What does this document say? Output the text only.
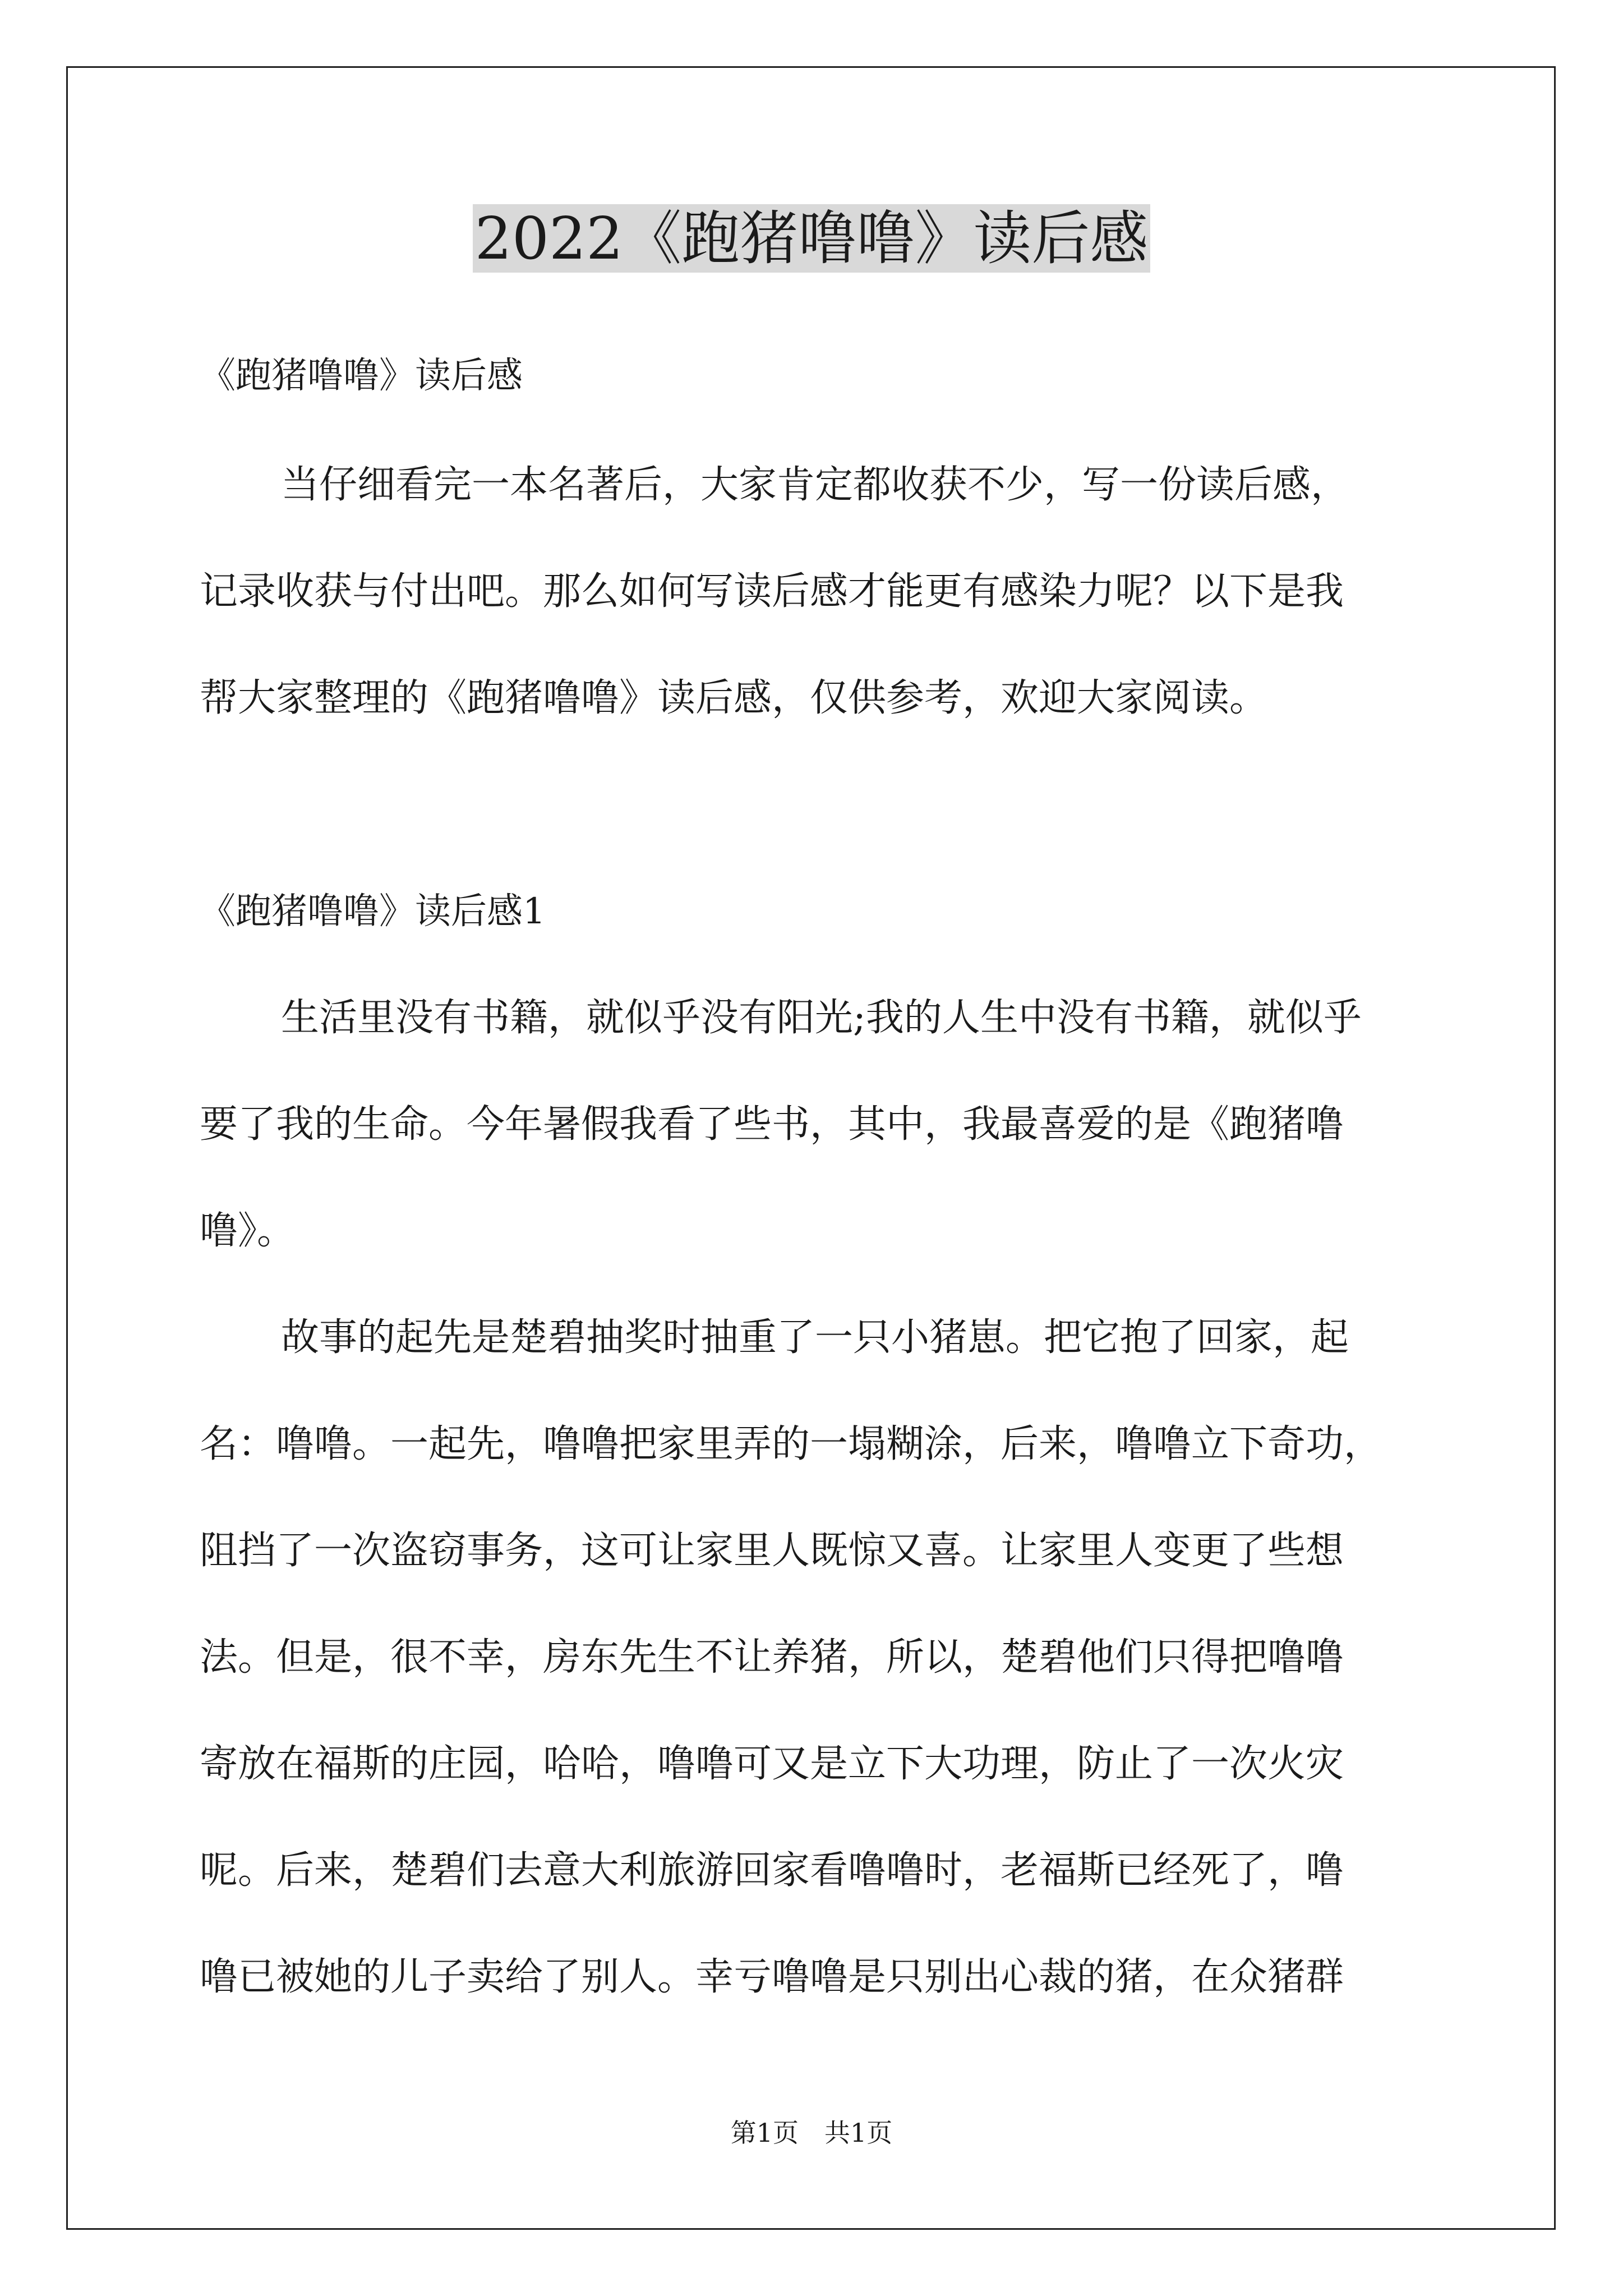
2022《跑猪噜噜》读后感
《跑猪噜噜》读后感
当仔细看完一本名著后，大家肯定都收获不少，写一份读后感，
记录收获与付出吧。那么如何写读后感才能更有感染力呢？以下是我
帮大家整理的《跑猪噜噜》读后感，仅供参考，欢迎大家阅读。
《跑猪噜噜》读后感1
生活里没有书籍，就似乎没有阳光;我的人生中没有书籍，就似乎
要了我的生命。今年暑假我看了些书，其中，我最喜爱的是《跑猪噜
噜》。
故事的起先是楚碧抽奖时抽重了一只小猪崽。把它抱了回家，起
名：噜噜。一起先，噜噜把家里弄的一塌糊涂，后来，噜噜立下奇功，
阻挡了一次盗窃事务，这可让家里人既惊又喜。让家里人变更了些想
法。但是，很不幸，房东先生不让养猪，所以，楚碧他们只得把噜噜
寄放在福斯的庄园，哈哈，噜噜可又是立下大功理，防止了一次火灾
呢。后来，楚碧们去意大利旅游回家看噜噜时，老福斯已经死了，噜
噜已被她的儿子卖给了别人。幸亏噜噜是只别出心裁的猪，在众猪群
第1页　共1页
